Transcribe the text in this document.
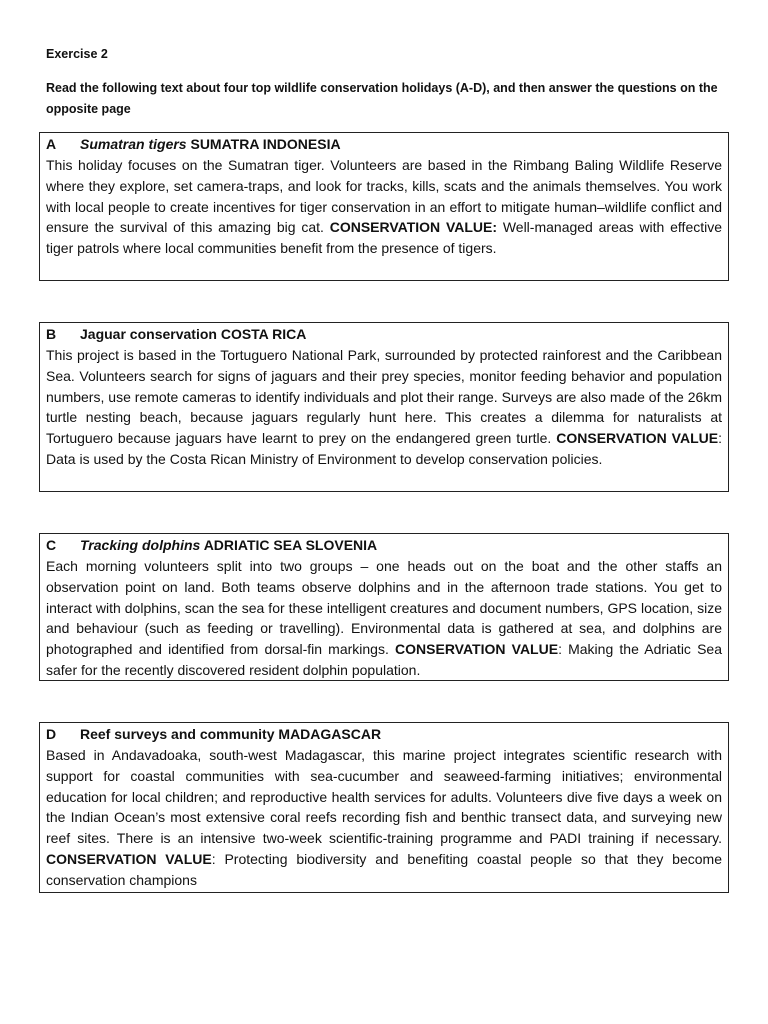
Exercise 2
Read the following text about four top wildlife conservation holidays (A-D), and then answer the questions on the opposite page
A Sumatran tigers SUMATRA INDONESIA
This holiday focuses on the Sumatran tiger. Volunteers are based in the Rimbang Baling Wildlife Reserve where they explore, set camera-traps, and look for tracks, kills, scats and the animals themselves. You work with local people to create incentives for tiger conservation in an effort to mitigate human–wildlife conflict and ensure the survival of this amazing big cat. CONSERVATION VALUE: Well-managed areas with effective tiger patrols where local communities benefit from the presence of tigers.
B Jaguar conservation COSTA RICA
This project is based in the Tortuguero National Park, surrounded by protected rainforest and the Caribbean Sea. Volunteers search for signs of jaguars and their prey species, monitor feeding behavior and population numbers, use remote cameras to identify individuals and plot their range. Surveys are also made of the 26km turtle nesting beach, because jaguars regularly hunt here. This creates a dilemma for naturalists at Tortuguero because jaguars have learnt to prey on the endangered green turtle. CONSERVATION VALUE: Data is used by the Costa Rican Ministry of Environment to develop conservation policies.
C Tracking dolphins ADRIATIC SEA SLOVENIA
Each morning volunteers split into two groups – one heads out on the boat and the other staffs an observation point on land. Both teams observe dolphins and in the afternoon trade stations. You get to interact with dolphins, scan the sea for these intelligent creatures and document numbers, GPS location, size and behaviour (such as feeding or travelling). Environmental data is gathered at sea, and dolphins are photographed and identified from dorsal-fin markings. CONSERVATION VALUE: Making the Adriatic Sea safer for the recently discovered resident dolphin population.
D Reef surveys and community MADAGASCAR
Based in Andavadoaka, south-west Madagascar, this marine project integrates scientific research with support for coastal communities with sea-cucumber and seaweed-farming initiatives; environmental education for local children; and reproductive health services for adults. Volunteers dive five days a week on the Indian Ocean’s most extensive coral reefs recording fish and benthic transect data, and surveying new reef sites. There is an intensive two-week scientific-training programme and PADI training if necessary. CONSERVATION VALUE: Protecting biodiversity and benefiting coastal people so that they become conservation champions
